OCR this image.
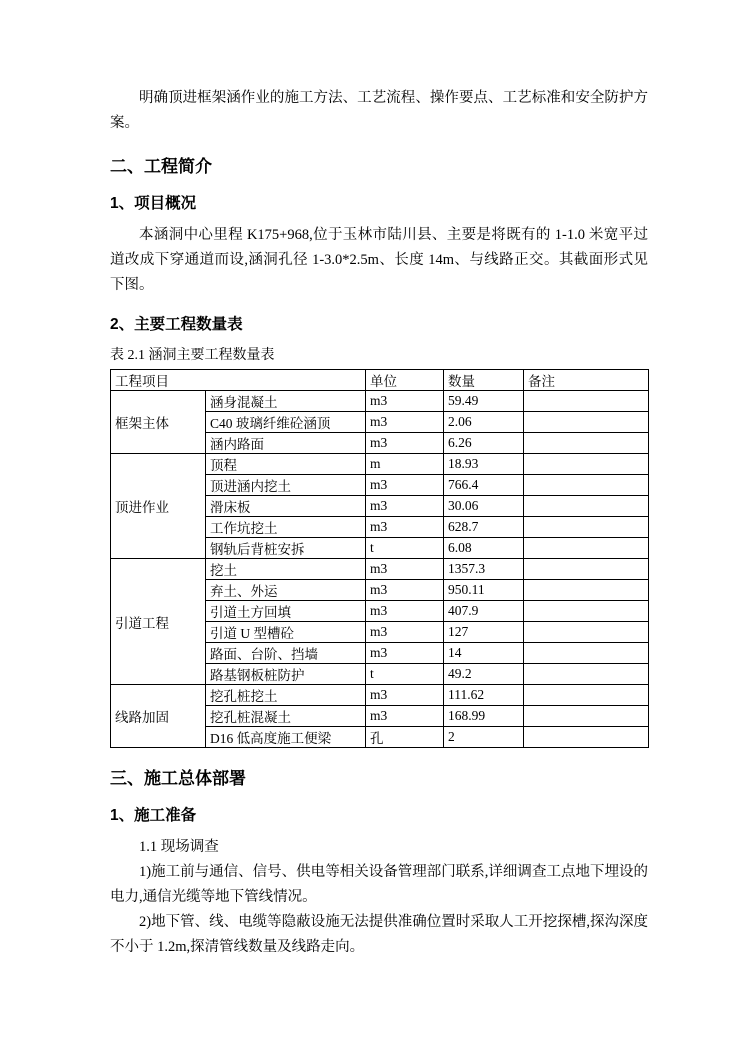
明确顶进框架涵作业的施工方法、工艺流程、操作要点、工艺标准和安全防护方案。

二、工程简介
1、项目概况

本涵洞中心里程 K175+968,位于玉林市陆川县、主要是将既有的 1-1.0 米宽平过道改成下穿通道而设,涵洞孔径 1-3.0*2.5m、长度 14m、与线路正交。其截面形式见下图。

2、主要工程数量表

表 2.1 涵洞主要工程数量表

工程项目		单位	数量	备注
框架主体	涵身混凝土	m3	59.49	
	C40 玻璃纤维砼涵顶	m3	2.06	
	涵内路面	m3	6.26	
顶进作业	顶程	m	18.93	
	顶进涵内挖土	m3	766.4	
	滑床板	m3	30.06	
	工作坑挖土	m3	628.7	
	钢轨后背桩安拆	t	6.08	
引道工程	挖土	m3	1357.3	
	弃土、外运	m3	950.11	
	引道土方回填	m3	407.9	
	引道 U 型槽砼	m3	127	
	路面、台阶、挡墙	m3	14	
	路基钢板桩防护	t	49.2	
线路加固	挖孔桩挖土	m3	111.62	
	挖孔桩混凝土	m3	168.99	
	D16 低高度施工便梁	孔	2	
三、施工总体部署
1、施工准备

1.1 现场调查

1)施工前与通信、信号、供电等相关设备管理部门联系,详细调查工点地下埋设的电力,通信光缆等地下管线情况。

2)地下管、线、电缆等隐蔽设施无法提供准确位置时采取人工开挖探槽,探沟深度不小于 1.2m,探清管线数量及线路走向。
